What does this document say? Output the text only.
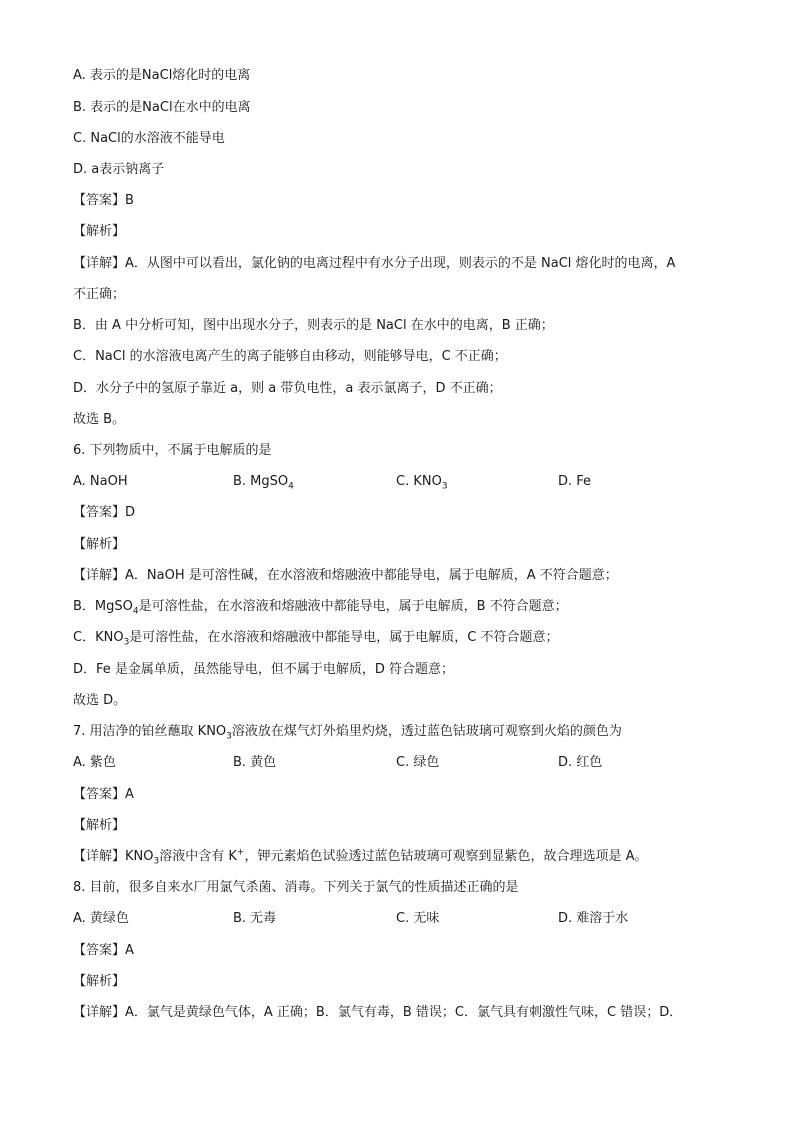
A. 表示的是NaCl熔化时的电离
B. 表示的是NaCl在水中的电离
C. NaCl的水溶液不能导电
D. a表示钠离子
【答案】B
【解析】
【详解】A．从图中可以看出，氯化钠的电离过程中有水分子出现，则表示的不是 NaCl 熔化时的电离，A
不正确；
B．由 A 中分析可知，图中出现水分子，则表示的是 NaCl 在水中的电离，B 正确；
C．NaCl 的水溶液电离产生的离子能够自由移动，则能够导电，C 不正确；
D．水分子中的氢原子靠近 a，则 a 带负电性，a 表示氯离子，D 不正确；
故选 B。
6. 下列物质中，不属于电解质的是
A. NaOH	B. MgSO$_4$	C. $KNO_3$	D. Fe
【答案】D
【解析】
【详解】A．NaOH 是可溶性碱，在水溶液和熔融液中都能导电，属于电解质，A 不符合题意；
B．MgSO$_4$是可溶性盐，在水溶液和熔融液中都能导电，属于电解质，B 不符合题意；
C．$KNO_3$是可溶性盐，在水溶液和熔融液中都能导电，属于电解质，C 不符合题意；
D．Fe 是金属单质，虽然能导电，但不属于电解质，D 符合题意；
故选 D。
7. 用洁净的铂丝蘸取 $KNO_3$溶液放在煤气灯外焰里灼烧，透过蓝色钴玻璃可观察到火焰的颜色为
A. 紫色	B. 黄色	C. 绿色	D. 红色
【答案】A
【解析】
【详解】$KNO_3$溶液中含有 K+，钾元素焰色试验透过蓝色钴玻璃可观察到显紫色，故合理选项是 A。
8. 目前，很多自来水厂用氯气杀菌、消毒。下列关于氯气的性质描述正确的是
A. 黄绿色	B. 无毒	C. 无味	D. 难溶于水
【答案】A
【解析】
【详解】A．氯气是黄绿色气体，A 正确；B．氯气有毒，B 错误；C．氯气具有刺激性气味，C 错误；D．
